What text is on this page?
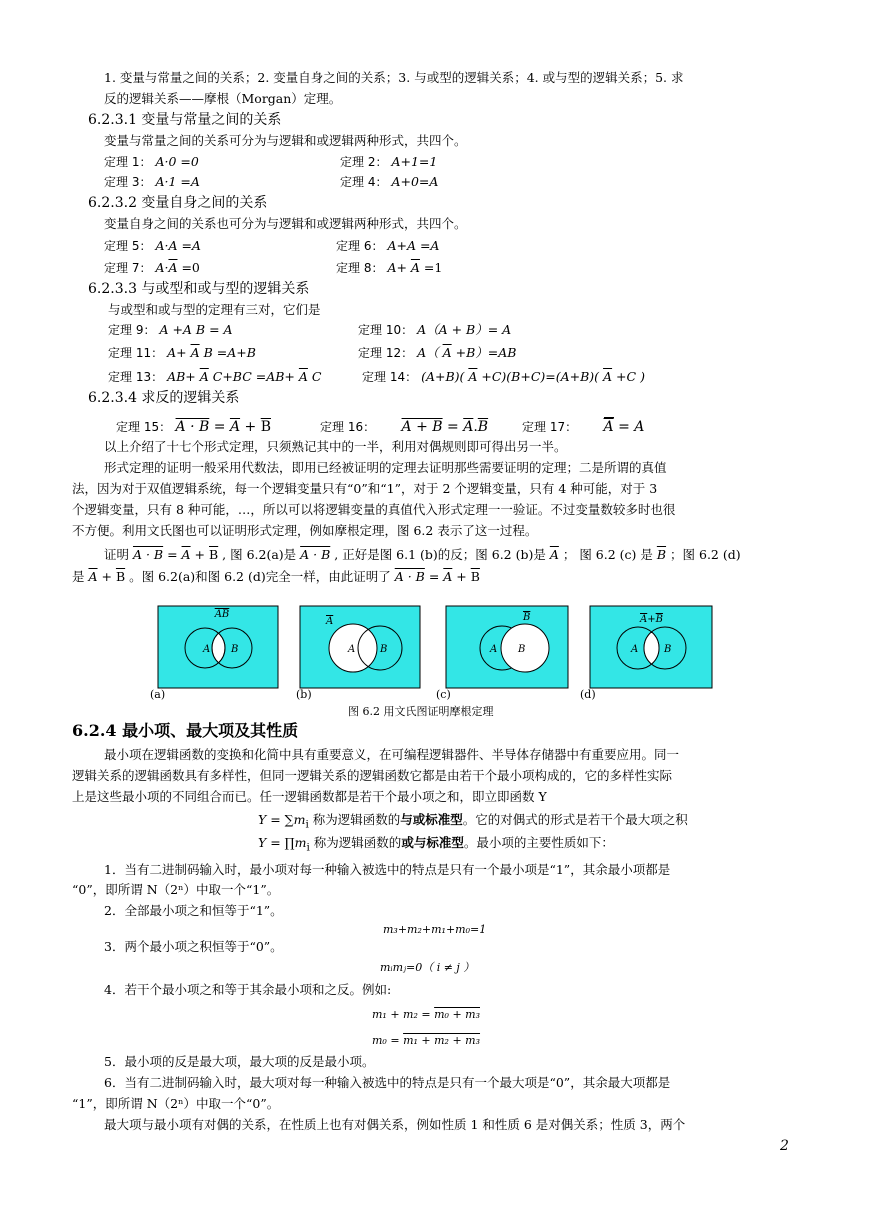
1. 变量与常量之间的关系；2. 变量自身之间的关系；3. 与或型的逻辑关系；4. 或与型的逻辑关系；5. 求
反的逻辑关系——摩根（Morgan）定理。
6.2.3.1 变量与常量之间的关系
变量与常量之间的关系可分为与逻辑和或逻辑两种形式，共四个。
定理 1： A·0 =0	定理 2： A+1=1
定理 3： A·1 =A	定理 4： A+0=A
6.2.3.2 变量自身之间的关系
变量自身之间的关系也可分为与逻辑和或逻辑两种形式，共四个。
定理 5： A·A =A	定理 6： A+A =A
定理 7： $A\cdot\overline{A} =0$	定理 8： $A+ \overline{A} =1$
6.2.3.3 与或型和或与型的逻辑关系
与或型和或与型的定理有三对，它们是
定理 9： A +A B = A	定理 10： A（A + B）= A
定理 11： $A+ \overline{A}$ B =A+B	定理 12： A（ $\overline{A} +B)=AB$
定理 13： $AB+ \overline{A}$ $C+BC =AB+ \overline{A}$ C	定理 14： (A+B)( $\overline{A} +C)(B+C)=(A+B)$( $\overline{A} +C$ )
6.2.3.4 求反的逻辑关系
定理 15： $A \cdot B = \overline{A} + \overline{B}$	定理 16： $A + B = \overline{A}.\overline{B}$	定理 17： $\overline{A} = A$
以上介绍了十七个形式定理，只须熟记其中的一半，利用对偶规则即可得出另一半。
形式定理的证明一般采用代数法，即用已经被证明的定理去证明那些需要证明的定理；二是所谓的真值
法，因为对于双值逻辑系统，每一个逻辑变量只有“0”和“1”，对于 2 个逻辑变量，只有 4 种可能，对于 3
个逻辑变量，只有 8 种可能，…，所以可以将逻辑变量的真值代入形式定理一一验证。不过变量数较多时也很
不方便。利用文氏图也可以证明形式定理，例如摩根定理，图 6.2 表示了这一过程。
证明 $A \cdot B = \overline{A} + \overline{B}$ , 图 6.2(a)是 A · B , 正好是图 6.1 (b)的反；图 6.2 (b)是 $\overline{A}$ ； 图 6.2 (c) 是 $\overline{B}$ ；图 6.2 (d)
是 $\overline{A} + \overline{B}$ 。图 6.2(a)和图 6.2 (d)完全一样，由此证明了 $A \cdot B = \overline{A} + \overline{B}$
AB
A B
A
A B
B
A B
A+B
A	B
(a)	(b)	(c)	(d)
图 6.2 用文氏图证明摩根定理
6.2.4 最小项、最大项及其性质
最小项在逻辑函数的变换和化简中具有重要意义，在可编程逻辑器件、半导体存储器中有重要应用。同一
逻辑关系的逻辑函数具有多样性，但同一逻辑关系的逻辑函数它都是由若干个最小项构成的，它的多样性实际
上是这些最小项的不同组合而已。任一逻辑函数都是若干个最小项之和，即立即函数 Y
$Y = \sum m_i$ 称为逻辑函数的与或标准型。它的对偶式的形式是若干个最大项之积
$Y = \prod m_i$ 称为逻辑函数的或与标准型。最小项的主要性质如下：
1．当有二进制码输入时，最小项对每一种输入被选中的特点是只有一个最小项是“1”，其余最小项都是
“0”，即所谓 N（2ⁿ）中取一个“1”。
2．全部最小项之和恒等于“1”。
m₃+m₂+m₁+m₀=1
3．两个最小项之积恒等于“0”。
mᵢmⱼ=0（ i ≠ j ）
4．若干个最小项之和等于其余最小项和之反。例如:
m₁ + m₂ = m₀ + m₃
m₀ = m₁ + m₂ + m₃
5．最小项的反是最大项，最大项的反是最小项。
6．当有二进制码输入时，最大项对每一种输入被选中的特点是只有一个最大项是“0”，其余最大项都是
“1”，即所谓 N（2ⁿ）中取一个“0”。
最大项与最小项有对偶的关系，在性质上也有对偶关系，例如性质 1 和性质 6 是对偶关系；性质 3，两个
2
